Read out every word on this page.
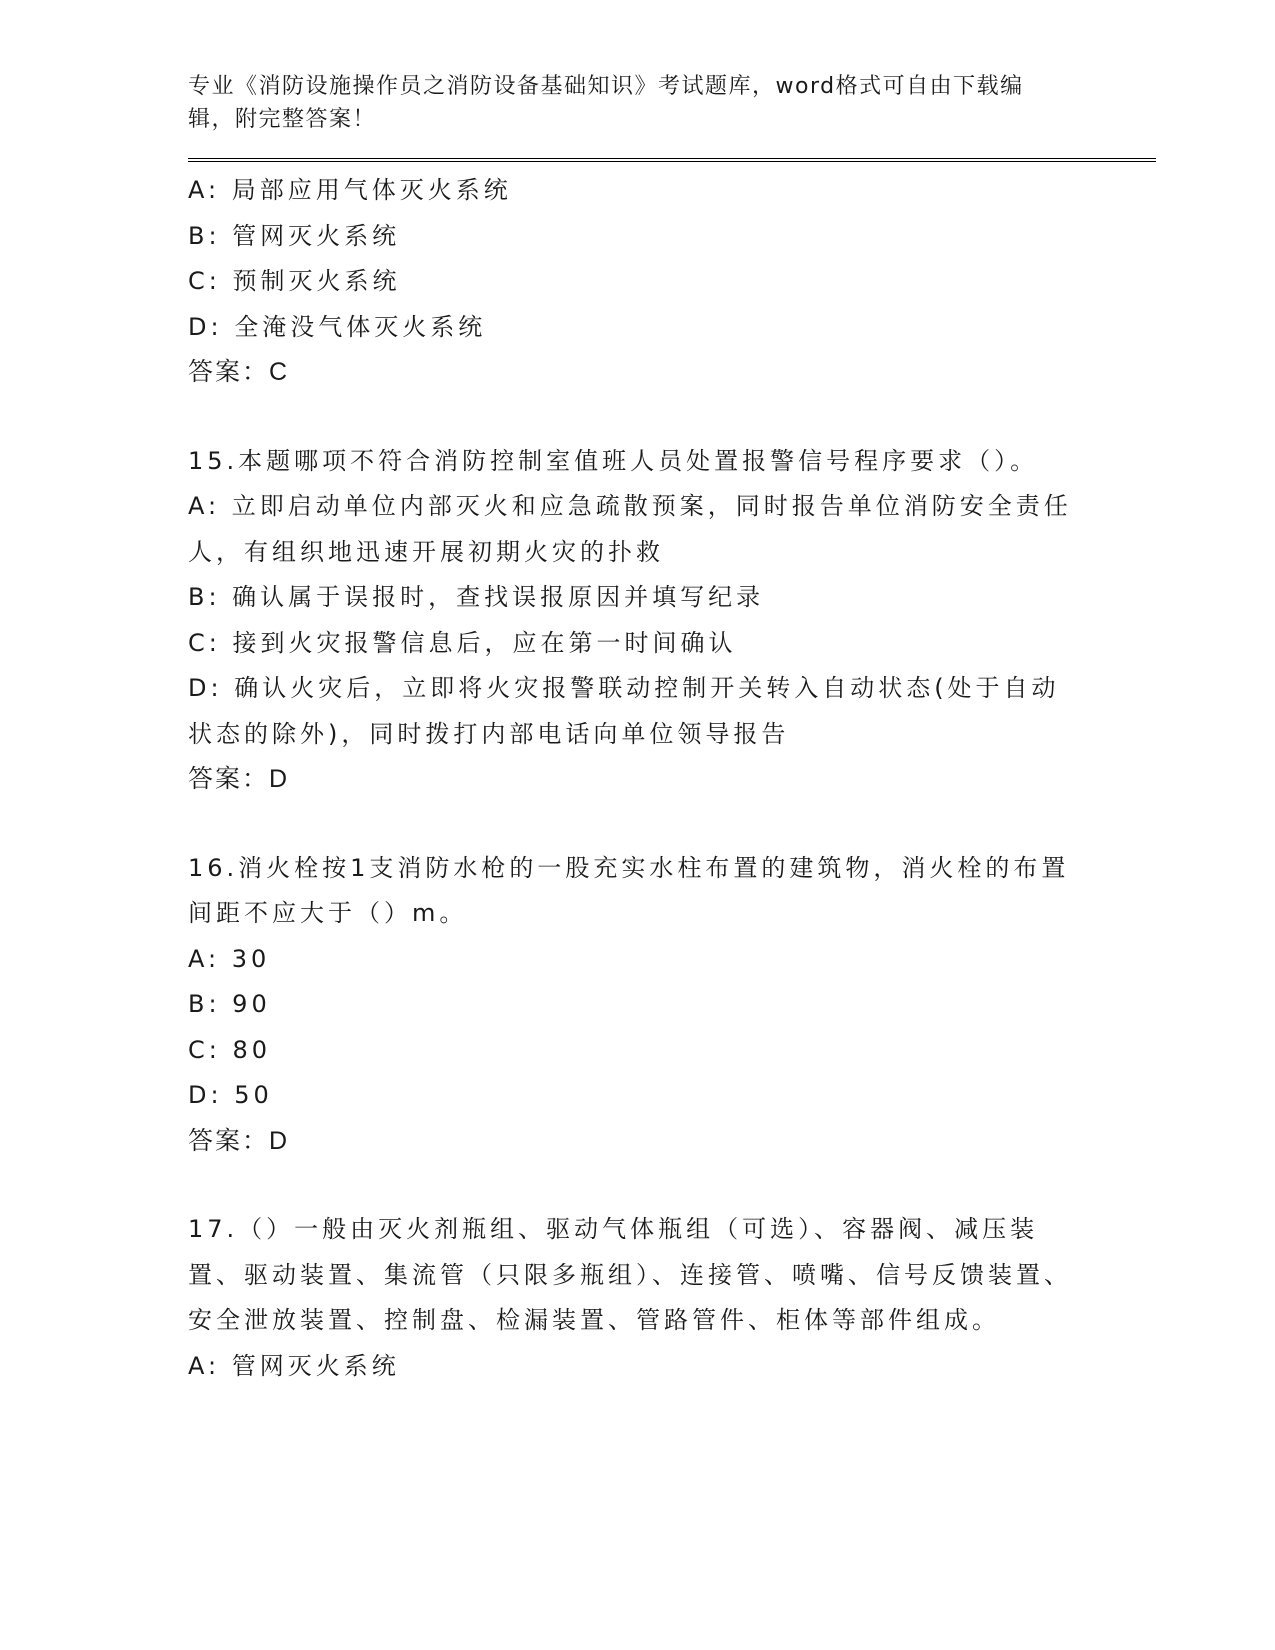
专业《消防设施操作员之消防设备基础知识》考试题库，word格式可自由下载编辑，附完整答案！

A: 局部应用气体灭火系统

B: 管网灭火系统

C: 预制灭火系统

D: 全淹没气体灭火系统

答案：C

15.本题哪项不符合消防控制室值班人员处置报警信号程序要求（）。

A: 立即启动单位内部灭火和应急疏散预案，同时报告单位消防安全责任人，有组织地迅速开展初期火灾的扑救

B: 确认属于误报时，查找误报原因并填写纪录

C: 接到火灾报警信息后，应在第一时间确认

D: 确认火灾后，立即将火灾报警联动控制开关转入自动状态(处于自动状态的除外)，同时拨打内部电话向单位领导报告

答案：D

16.消火栓按1支消防水枪的一股充实水柱布置的建筑物，消火栓的布置间距不应大于（）m。

A: 30

B: 90

C: 80

D: 50

答案：D

17.（）一般由灭火剂瓶组、驱动气体瓶组（可选）、容器阀、减压装置、驱动装置、集流管（只限多瓶组）、连接管、喷嘴、信号反馈装置、安全泄放装置、控制盘、检漏装置、管路管件、柜体等部件组成。

A: 管网灭火系统
